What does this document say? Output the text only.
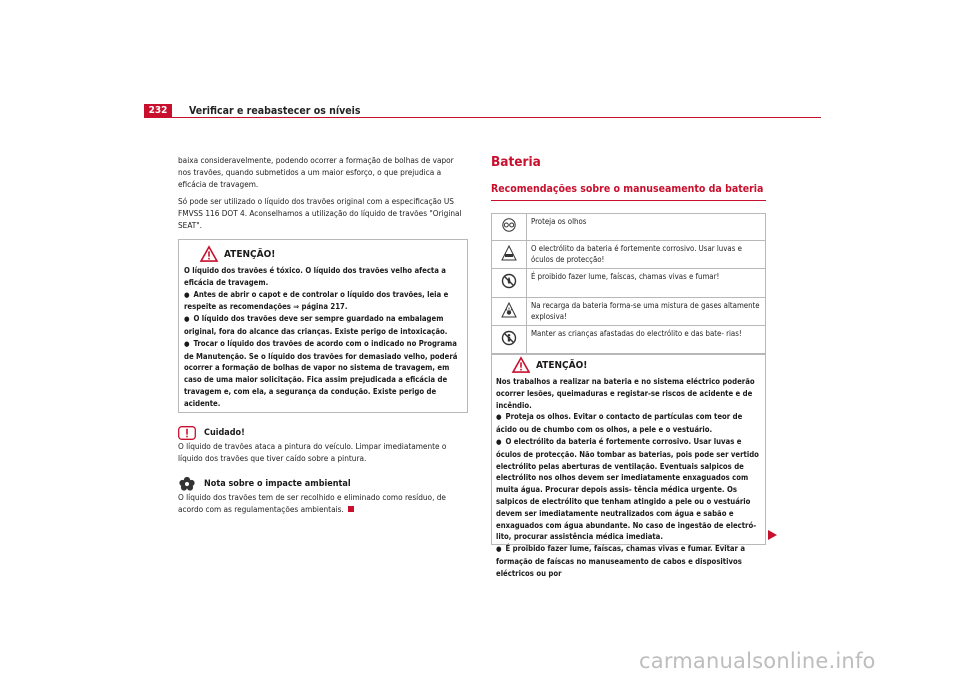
232	Verificar e reabastecer os níveis

baixa consideravelmente, podendo ocorrer a formação de bolhas de vapor nos travões, quando submetidos a um maior esforço, o que prejudica a eficácia de travagem.

Só pode ser utilizado o líquido dos travões original com a especificação US FMVSS 116 DOT 4. Aconselhamos a utilização do líquido de travões "Original SEAT".

ATENÇÃO!

O líquido dos travões é tóxico. O líquido dos travões velho afecta a eficácia de travagem.

● Antes de abrir o capot e de controlar o líquido dos travões, leia e respeite as recomendações ⇒ página 217.

● O líquido dos travões deve ser sempre guardado na embalagem original, fora do alcance das crianças. Existe perigo de intoxicação.

● Trocar o líquido dos travões de acordo com o indicado no Programa de Manutenção. Se o líquido dos travões for demasiado velho, poderá ocorrer a formação de bolhas de vapor no sistema de travagem, em caso de uma maior solicitação. Fica assim prejudicada a eficácia de travagem e, com ela, a segurança da condução. Existe perigo de acidente.

Cuidado!

O líquido de travões ataca a pintura do veículo. Limpar imediatamente o líquido dos travões que tiver caído sobre a pintura.

Nota sobre o impacte ambiental

O líquido dos travões tem de ser recolhido e eliminado como resíduo, de acordo com as regulamentações ambientais.

Bateria
Recomendações sobre o manuseamento da bateria
	Proteja os olhos
	O electrólito da bateria é fortemente corrosivo. Usar luvas e óculos de protecção!
	É proibido fazer lume, faíscas, chamas vivas e fumar!
	Na recarga da bateria forma-se uma mistura de gases altamente explosiva!
	Manter as crianças afastadas do electrólito e das bate- rias!
ATENÇÃO!

Nos trabalhos a realizar na bateria e no sistema eléctrico poderão ocorrer lesões, queimaduras e registar-se riscos de acidente e de incêndio.

● Proteja os olhos. Evitar o contacto de partículas com teor de ácido ou de chumbo com os olhos, a pele e o vestuário.

● O electrólito da bateria é fortemente corrosivo. Usar luvas e óculos de protecção. Não tombar as baterias, pois pode ser vertido electrólito pelas aberturas de ventilação. Eventuais salpicos de electrólito nos olhos devem ser imediatamente enxaguados com muita água. Procurar depois assis- tência médica urgente. Os salpicos de electrólito que tenham atingido a pele ou o vestuário devem ser imediatamente neutralizados com água e sabão e enxaguados com água abundante. No caso de ingestão de electró- lito, procurar assistência médica imediata.

● É proibido fazer lume, faíscas, chamas vivas e fumar. Evitar a formação de faíscas no manuseamento de cabos e dispositivos eléctricos ou por

carmanualsonline.info
